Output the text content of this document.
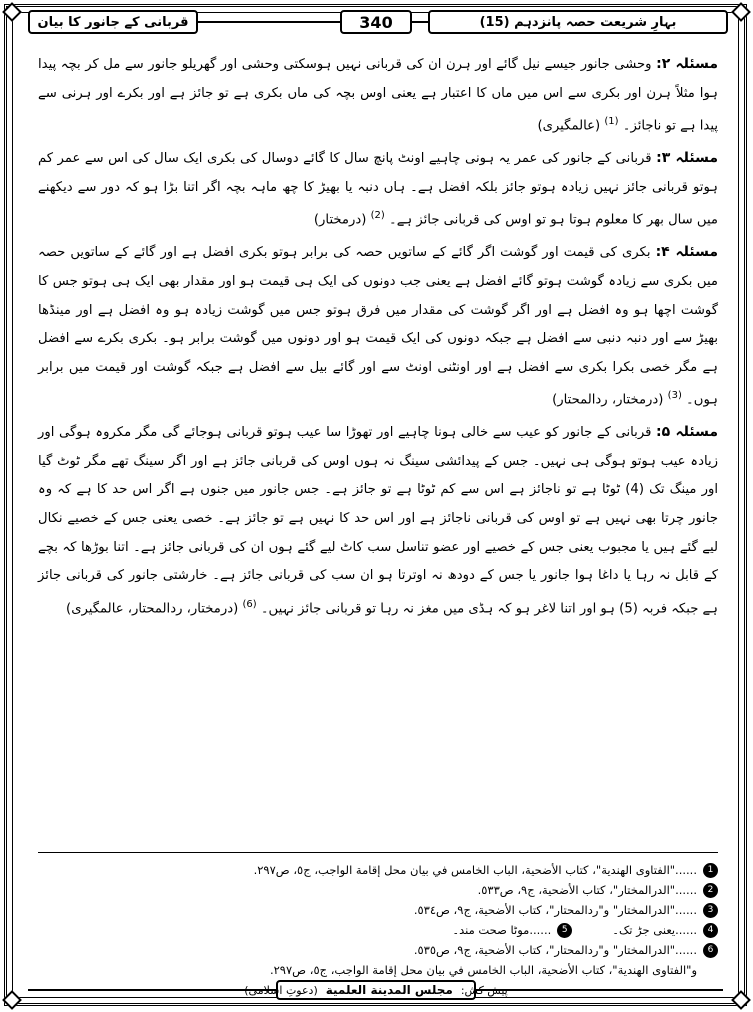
قربانی کے جانور کا بیان	340	بہارِ شریعت حصہ پانزدہم (15)

مسئلہ ۲: وحشی جانور جیسے نیل گائے اور ہرن ان کی قربانی نہیں ہوسکتی وحشی اور گھریلو جانور سے مل کر بچہ پیدا ہوا مثلاً ہرن اور بکری سے اس میں ماں کا اعتبار ہے یعنی اوس بچہ کی ماں بکری ہے تو جائز ہے اور بکرے اور ہرنی سے پیدا ہے تو ناجائز۔ $^{(1)}$ (عالمگیری)

مسئلہ ۳: قربانی کے جانور کی عمر یہ ہونی چاہیے اونٹ پانچ سال کا گائے دوسال کی بکری ایک سال کی اس سے عمر کم ہوتو قربانی جائز نہیں زیادہ ہوتو جائز بلکہ افضل ہے۔ ہاں دنبہ یا بھیڑ کا چھ ماہہ بچہ اگر اتنا بڑا ہو کہ دور سے دیکھنے میں سال بھر کا معلوم ہوتا ہو تو اوس کی قربانی جائز ہے۔ $^{(2)}$ (درمختار)

مسئلہ ۴: بکری کی قیمت اور گوشت اگر گائے کے ساتویں حصہ کی برابر ہوتو بکری افضل ہے اور گائے کے ساتویں حصہ میں بکری سے زیادہ گوشت ہوتو گائے افضل ہے یعنی جب دونوں کی ایک ہی قیمت ہو اور مقدار بھی ایک ہی ہوتو جس کا گوشت اچھا ہو وہ افضل ہے اور اگر گوشت کی مقدار میں فرق ہوتو جس میں گوشت زیادہ ہو وہ افضل ہے اور مینڈھا بھیڑ سے اور دنبہ دنبی سے افضل ہے جبکہ دونوں کی ایک قیمت ہو اور دونوں میں گوشت برابر ہو۔ بکری بکرے سے افضل ہے مگر خصی بکرا بکری سے افضل ہے اور اونٹنی اونٹ سے اور گائے بیل سے افضل ہے جبکہ گوشت اور قیمت میں برابر ہوں۔ $^{(3)}$ (درمختار، ردالمحتار)

مسئلہ ۵: قربانی کے جانور کو عیب سے خالی ہونا چاہیے اور تھوڑا سا عیب ہوتو قربانی ہوجائے گی مگر مکروہ ہوگی اور زیادہ عیب ہوتو ہوگی ہی نہیں۔ جس کے پیدائشی سینگ نہ ہوں اوس کی قربانی جائز ہے اور اگر سینگ تھے مگر ٹوٹ گیا اور مینگ تک (4) ٹوٹا ہے تو ناجائز ہے اس سے کم ٹوٹا ہے تو جائز ہے۔ جس جانور میں جنوں ہے اگر اس حد کا ہے کہ وہ جانور چرتا بھی نہیں ہے تو اوس کی قربانی ناجائز ہے اور اس حد کا نہیں ہے تو جائز ہے۔ خصی یعنی جس کے خصیے نکال لیے گئے ہیں یا مجبوب یعنی جس کے خصیے اور عضو تناسل سب کاٹ لیے گئے ہوں ان کی قربانی جائز ہے۔ اتنا بوڑھا کہ بچے کے قابل نہ رہا یا داغا ہوا جانور یا جس کے دودھ نہ اوترتا ہو ان سب کی قربانی جائز ہے۔ خارشتی جانور کی قربانی جائز ہے جبکہ فربہ (5) ہو اور اتنا لاغر ہو کہ ہڈی میں مغز نہ رہا تو قربانی جائز نہیں۔ $^{(6)}$ (درمختار، ردالمحتار، عالمگیری)

1
......"الفتاوی الهندية"، كتاب الأضحية، الباب الخامس في بيان محل إقامة الواجب، ج٥، ص٢٩٧.
2
......"الدرالمختار"، كتاب الأضحية، ج٩، ص٥٣٣.
3
......"الدرالمختار" و"ردالمحتار"، كتاب الأضحية، ج٩، ص٥٣٤.
4
......یعنی جڑ تک۔
5
......موٹا صحت مند۔
6
......"الدرالمختار" و"ردالمحتار"، كتاب الأضحية، ج٩، ص٥٣٥.
و"الفتاوی الهندية"، كتاب الأضحية، الباب الخامس في بيان محل إقامة الواجب، ج٥، ص٢٩٧.
پیش کش:
مجلس المدينة العلمية
(دعوتِ اسلامی)
